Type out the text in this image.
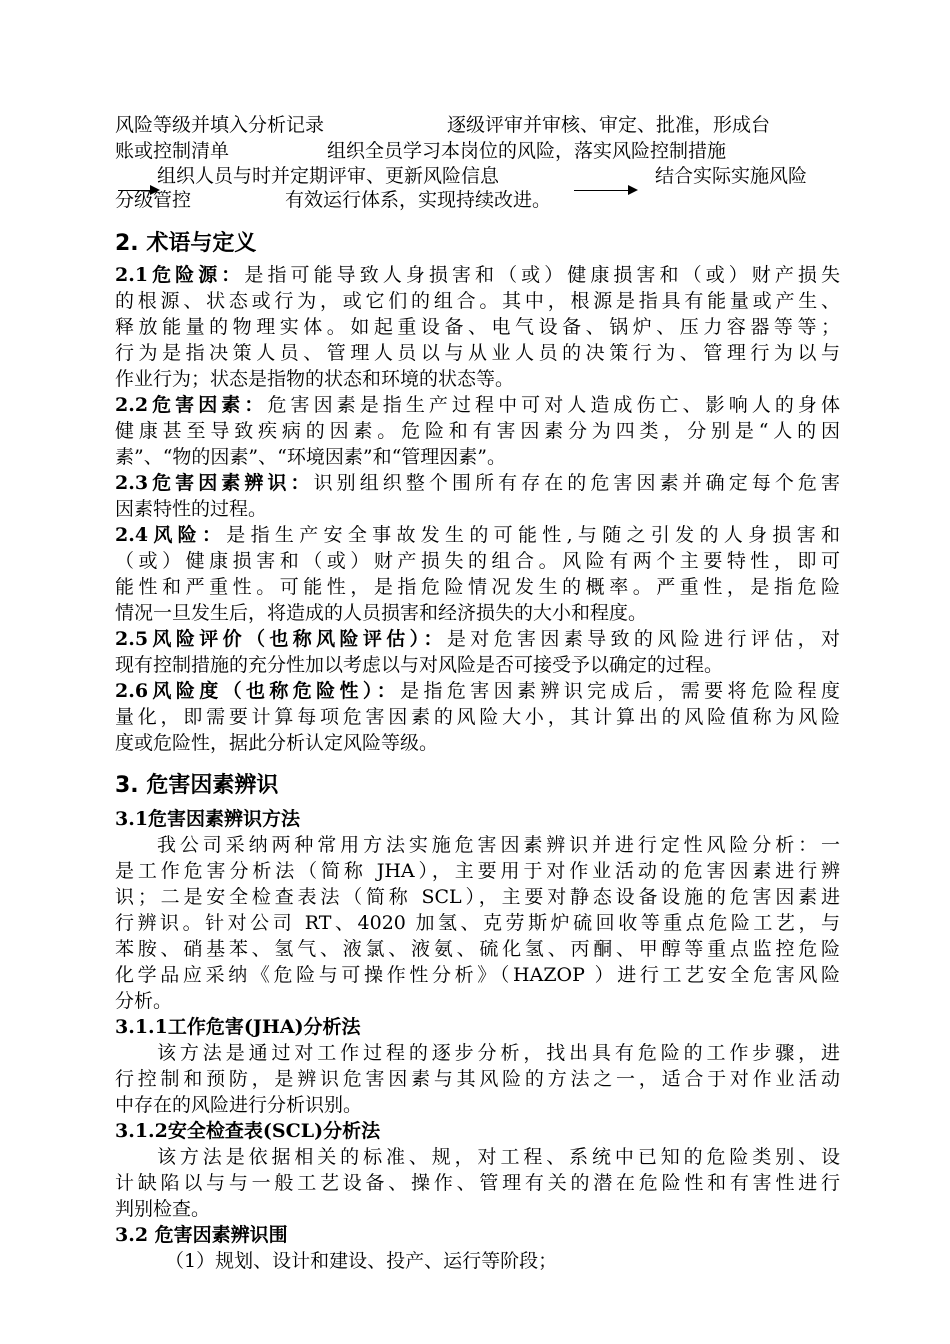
风险等级并填入分析记录	逐级评审并审核、审定、批准，形成台
账或控制清单	组织全员学习本岗位的风险，落实风险控制措施
组织人员与时并定期评审、更新风险信息	结合实际实施风险
分级管控	有效运行体系，实现持续改进。
2. 术语与定义
2.1危险源：是指可能导致人身损害和（或）健康损害和（或）财产损失
的根源、状态或行为，或它们的组合。其中，根源是指具有能量或产生、
释放能量的物理实体。如起重设备、电气设备、锅炉、压力容器等等；
行为是指决策人员、管理人员以与从业人员的决策行为、管理行为以与
作业行为；状态是指物的状态和环境的状态等。
2.2危害因素：危害因素是指生产过程中可对人造成伤亡、影响人的身体
健康甚至导致疾病的因素。危险和有害因素分为四类，分别是“人的因
素”、“物的因素”、“环境因素”和“管理因素”。
2.3危害因素辨识：识别组织整个围所有存在的危害因素并确定每个危害
因素特性的过程。
2.4风险：是指生产安全事故发生的可能性,与随之引发的人身损害和
（或）健康损害和（或）财产损失的组合。风险有两个主要特性，即可
能性和严重性。可能性，是指危险情况发生的概率。严重性，是指危险
情况一旦发生后，将造成的人员损害和经济损失的大小和程度。
2.5风险评价（也称风险评估）：是对危害因素导致的风险进行评估，对
现有控制措施的充分性加以考虑以与对风险是否可接受予以确定的过程。
2.6风险度（也称危险性）：是指危害因素辨识完成后，需要将危险程度
量化，即需要计算每项危害因素的风险大小，其计算出的风险值称为风险
度或危险性，据此分析认定风险等级。
3. 危害因素辨识
3.1危害因素辨识方法
我公司采纳两种常用方法实施危害因素辨识并进行定性风险分析：一
是工作危害分析法（简称 JHA），主要用于对作业活动的危害因素进行辨
识；二是安全检查表法（简称 SCL），主要对静态设备设施的危害因素进
行辨识。针对公司 RT、4020 加氢、克劳斯炉硫回收等重点危险工艺，与
苯胺、硝基苯、氢气、液氯、液氨、硫化氢、丙酮、甲醇等重点监控危险
化学品应采纳《危险与可操作性分析》（HAZOP ）进行工艺安全危害风险
分析。
3.1.1工作危害(JHA)分析法
该方法是通过对工作过程的逐步分析，找出具有危险的工作步骤，进
行控制和预防，是辨识危害因素与其风险的方法之一，适合于对作业活动
中存在的风险进行分析识别。
3.1.2安全检查表(SCL)分析法
该方法是依据相关的标准、规，对工程、系统中已知的危险类别、设
计缺陷以与与一般工艺设备、操作、管理有关的潜在危险性和有害性进行
判别检查。
3.2 危害因素辨识围
（1）规划、设计和建设、投产、运行等阶段；
